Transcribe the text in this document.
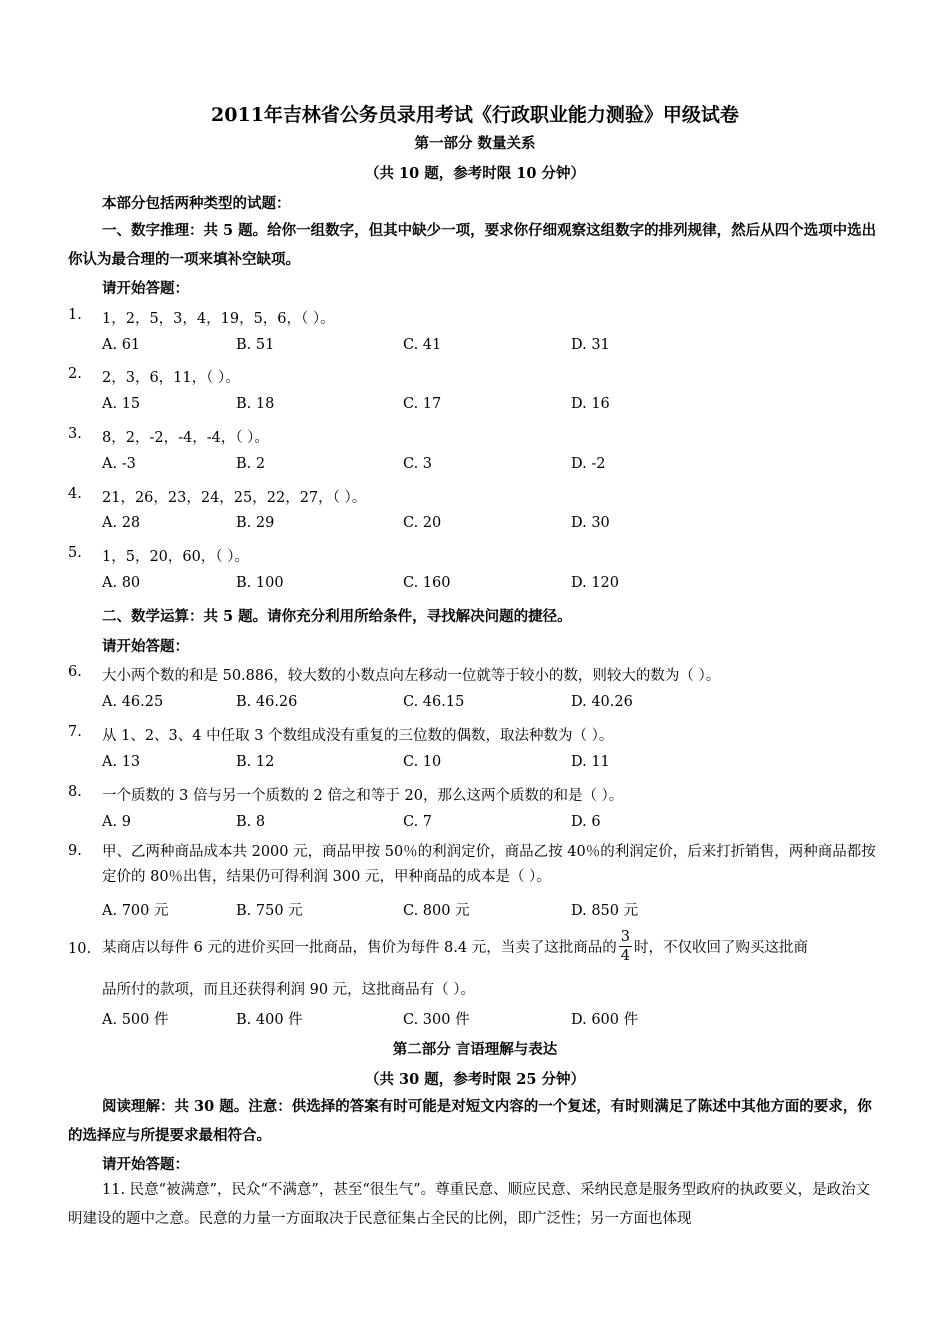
2011年吉林省公务员录用考试《行政职业能力测验》甲级试卷
第一部分 数量关系
（共 10 题，参考时限 10 分钟）
本部分包括两种类型的试题：
一、数字推理：共 5 题。给你一组数字，但其中缺少一项，要求你仔细观察这组数字的排列规律，然后从四个选项中选出你认为最合理的一项来填补空缺项。
请开始答题：
1. 1，2，5，3，4，19，5，6，（ ）。
A. 61	B. 51	C. 41	D. 31
2. 2，3，6，11，（ ）。
A. 15	B. 18	C. 17	D. 16
3. 8，2，-2，-4，-4，（ ）。
A. -3	B. 2	C. 3	D. -2
4. 21，26，23，24，25，22，27，（ ）。
A. 28	B. 29	C. 20	D. 30
5. 1，5，20，60，（ ）。
A. 80	B. 100	C. 160	D. 120
二、数学运算：共 5 题。请你充分利用所给条件，寻找解决问题的捷径。
请开始答题：
6. 大小两个数的和是 50.886，较大数的小数点向左移动一位就等于较小的数，则较大的数为（ ）。
A. 46.25	B. 46.26	C. 46.15	D. 40.26
7. 从 1、2、3、4 中任取 3 个数组成没有重复的三位数的偶数，取法种数为（ ）。
A. 13	B. 12	C. 10	D. 11
8. 一个质数的 3 倍与另一个质数的 2 倍之和等于 20，那么这两个质数的和是（ ）。
A. 9	B. 8	C. 7	D. 6
9. 甲、乙两种商品成本共 2000 元，商品甲按 50％的利润定价，商品乙按 40％的利润定价，后来打折销售，两种商品都按定价的 80％出售，结果仍可得利润 300 元，甲种商品的成本是（ ）。
A. 700 元	B. 750 元	C. 800 元	D. 850 元
10. 某商店以每件 6 元的进价买回一批商品，售价为每件 8.4 元，当卖了这批商品的 $\frac{3}{4}$ 时，不仅收回了购买这批商
品所付的款项，而且还获得利润 90 元，这批商品有（ ）。
A. 500 件	B. 400 件	C. 300 件	D. 600 件
第二部分 言语理解与表达
（共 30 题，参考时限 25 分钟）
阅读理解：共 30 题。注意：供选择的答案有时可能是对短文内容的一个复述，有时则满足了陈述中其他方面的要求，你的选择应与所提要求最相符合。
请开始答题：
11. 民意“被满意”，民众“不满意”，甚至“很生气”。尊重民意、顺应民意、采纳民意是服务型政府的执政要义，是政治文明建设的题中之意。民意的力量一方面取决于民意征集占全民的比例，即广泛性；另一方面也体现
